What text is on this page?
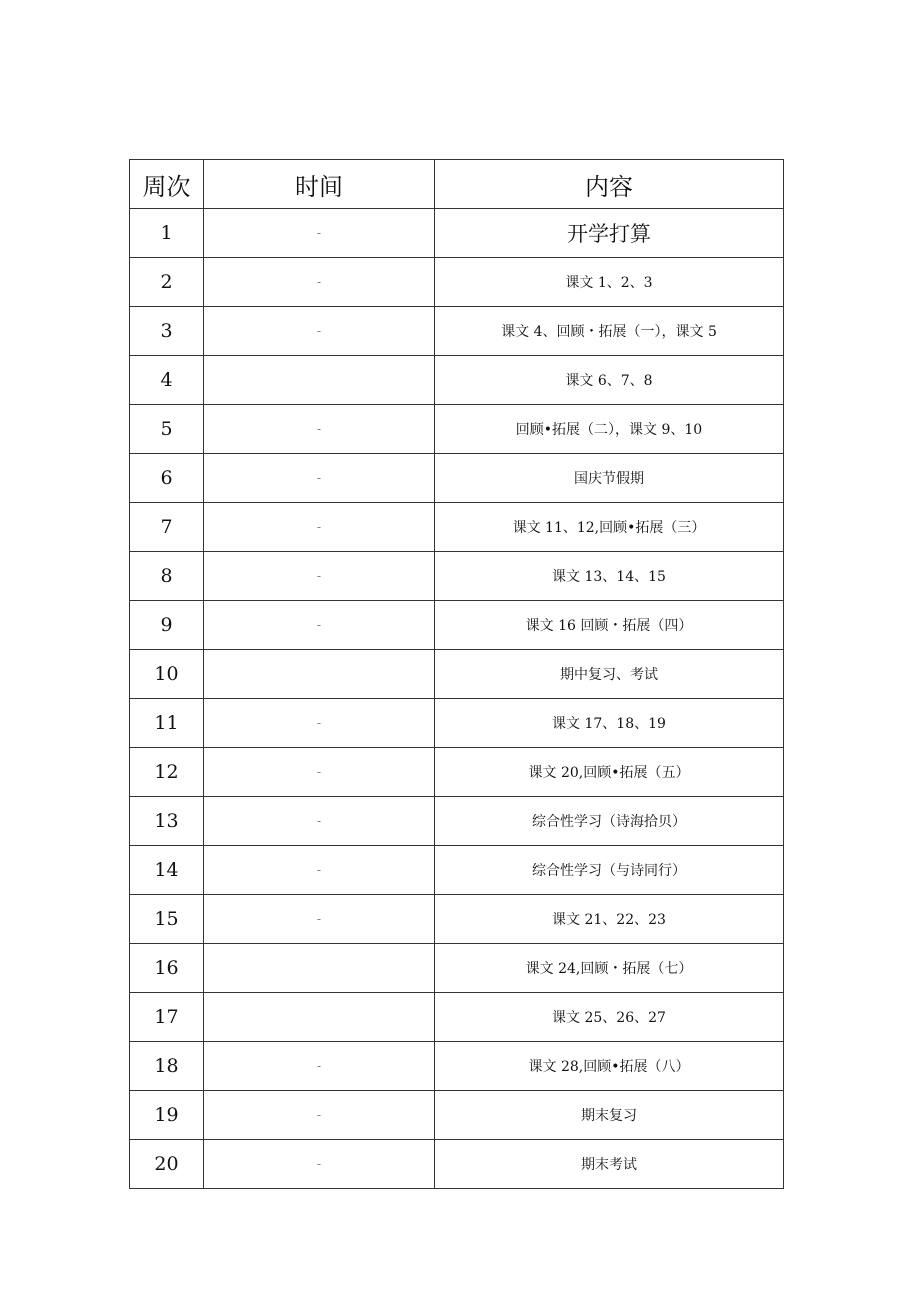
周次	时间	内容
1	-	开学打算
2	-	课文 1、2、3
3	-	课文 4、回顾・拓展（一），课文 5
4		课文 6、7、8
5	-	回顾•拓展（二），课文 9、10
6	-	国庆节假期
7	-	课文 11、12,回顾•拓展（三）
8	-	课文 13、14、15
9	-	课文 16 回顾・拓展（四）
10		期中复习、考试
11	-	课文 17、18、19
12	-	课文 20,回顾•拓展（五）
13	-	综合性学习（诗海拾贝）
14	-	综合性学习（与诗同行）
15	-	课文 21、22、23
16		课文 24,回顾・拓展（七）
17		课文 25、26、27
18	-	课文 28,回顾•拓展（八）
19	-	期末复习
20	-	期末考试
